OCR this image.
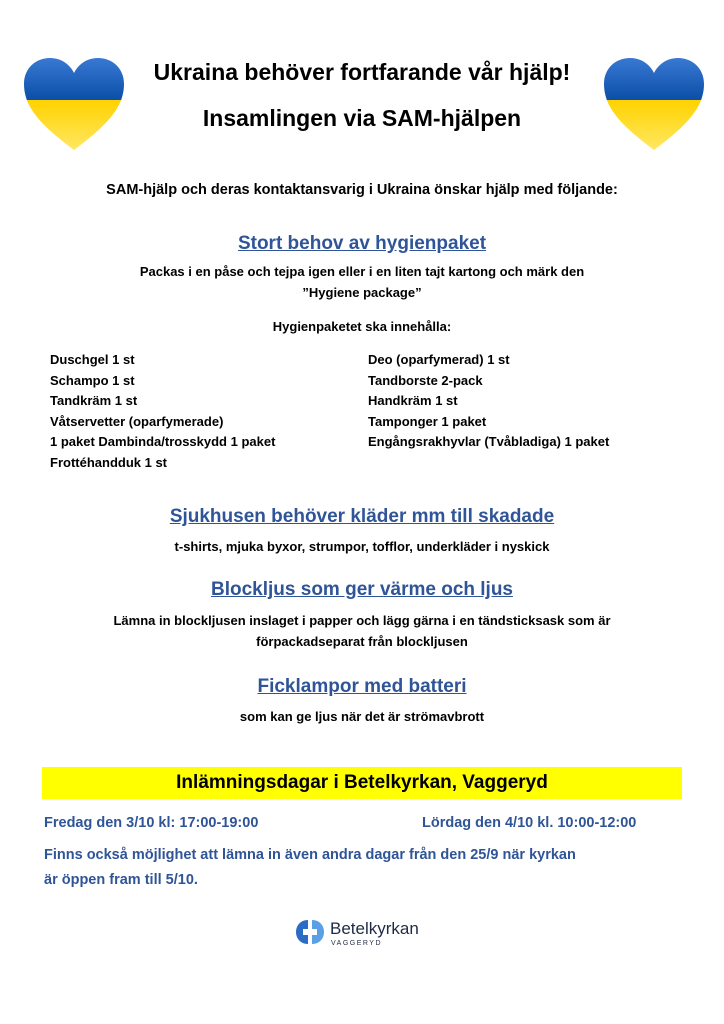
Ukraina behöver fortfarande vår hjälp!
Insamlingen via SAM-hjälpen
SAM-hjälp och deras kontaktansvarig i Ukraina önskar hjälp med följande:
Stort behov av hygienpaket
Packas i en påse och tejpa igen eller i en liten tajt kartong och märk den
”Hygiene package”
Hygienpaketet ska innehålla:
Duschgel 1 st
Schampo 1 st
Tandkräm 1 st
Våtservetter (oparfymerade)
1 paket Dambinda/trosskydd 1 paket
Frottéhandduk 1 st
Deo (oparfymerad) 1 st
Tandborste 2-pack
Handkräm 1 st
Tamponger 1 paket
Engångsrakhyvlar (Tvåbladiga) 1 paket
Sjukhusen behöver kläder mm till skadade
t-shirts, mjuka byxor, strumpor, tofflor, underkläder i nyskick
Blockljus som ger värme och ljus
Lämna in blockljusen inslaget i papper och lägg gärna i en tändsticksask som är
förpackadseparat från blockljusen
Ficklampor med batteri
som kan ge ljus när det är strömavbrott
Inlämningsdagar i Betelkyrkan, Vaggeryd
Fredag den 3/10 kl: 17:00-19:00	Lördag den 4/10 kl. 10:00-12:00
Finns också möjlighet att lämna in även andra dagar från den 25/9 när kyrkan
är öppen fram till 5/10.
Betelkyrkan
VAGGERYD
